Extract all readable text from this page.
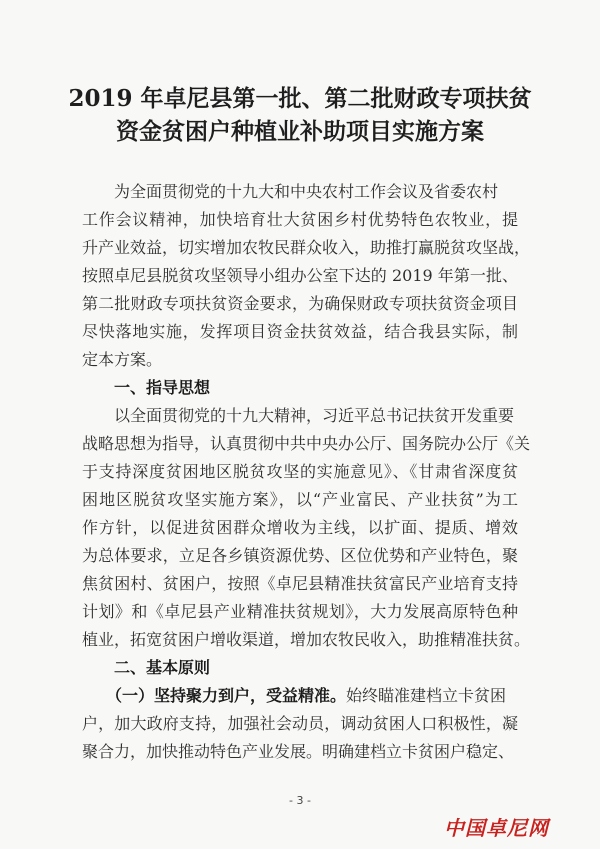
2019 年卓尼县第一批、第二批财政专项扶贫
资金贫困户种植业补助项目实施方案
为全面贯彻党的十九大和中央农村工作会议及省委农村
工作会议精神，加快培育壮大贫困乡村优势特色农牧业，提
升产业效益，切实增加农牧民群众收入，助推打赢脱贫攻坚战，
按照卓尼县脱贫攻坚领导小组办公室下达的 2019 年第一批、
第二批财政专项扶贫资金要求，为确保财政专项扶贫资金项目
尽快落地实施，发挥项目资金扶贫效益，结合我县实际，制
定本方案。
一、指导思想
以全面贯彻党的十九大精神，习近平总书记扶贫开发重要
战略思想为指导，认真贯彻中共中央办公厅、国务院办公厅《关
于支持深度贫困地区脱贫攻坚的实施意见》、《甘肃省深度贫
困地区脱贫攻坚实施方案》，以“产业富民、产业扶贫”为工
作方针，以促进贫困群众增收为主线，以扩面、提质、增效
为总体要求，立足各乡镇资源优势、区位优势和产业特色，聚
焦贫困村、贫困户，按照《卓尼县精准扶贫富民产业培育支持
计划》和《卓尼县产业精准扶贫规划》，大力发展高原特色种
植业，拓宽贫困户增收渠道，增加农牧民收入，助推精准扶贫。
二、基本原则
（一）坚持聚力到户，受益精准。始终瞄准建档立卡贫困
户，加大政府支持，加强社会动员，调动贫困人口积极性，凝
聚合力，加快推动特色产业发展。明确建档立卡贫困户稳定、
- 3 -
中国卓尼网
